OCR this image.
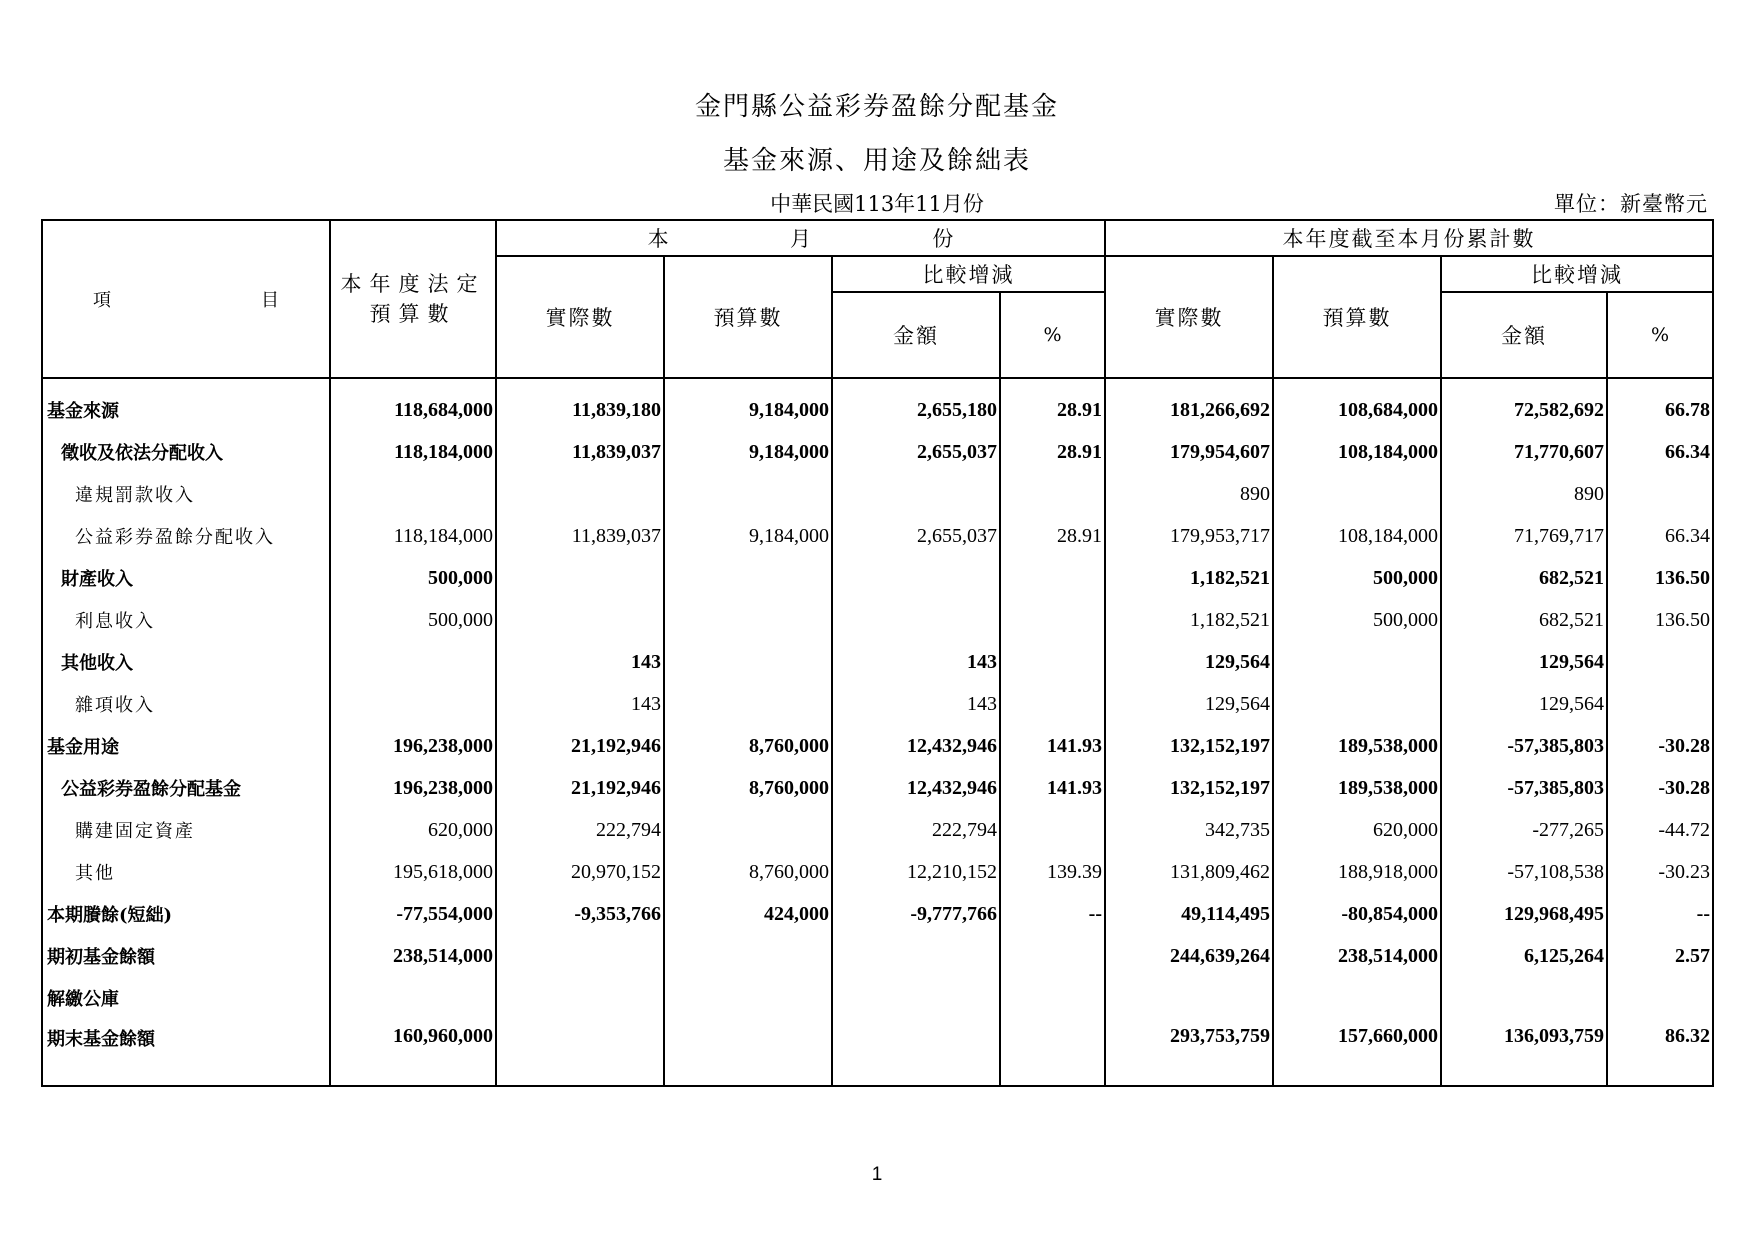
金門縣公益彩券盈餘分配基金
基金來源、用途及餘絀表
中華民國113年11月份	單位：新臺幣元
項 目	本年度法定預算數	本 月 份				本年度截至本月份累計數			
		實際數	預算數	比較增減		實際數	預算數	比較增減	
				金額	%			金額	%
基金來源	118,684,000	11,839,180	9,184,000	2,655,180	28.91	181,266,692	108,684,000	72,582,692	66.78
徵收及依法分配收入	118,184,000	11,839,037	9,184,000	2,655,037	28.91	179,954,607	108,184,000	71,770,607	66.34
違規罰款收入						890		890	
公益彩券盈餘分配收入	118,184,000	11,839,037	9,184,000	2,655,037	28.91	179,953,717	108,184,000	71,769,717	66.34
財產收入	500,000					1,182,521	500,000	682,521	136.50
利息收入	500,000					1,182,521	500,000	682,521	136.50
其他收入		143		143		129,564		129,564	
雜項收入		143		143		129,564		129,564	
基金用途	196,238,000	21,192,946	8,760,000	12,432,946	141.93	132,152,197	189,538,000	-57,385,803	-30.28
公益彩券盈餘分配基金	196,238,000	21,192,946	8,760,000	12,432,946	141.93	132,152,197	189,538,000	-57,385,803	-30.28
購建固定資產	620,000	222,794		222,794		342,735	620,000	-277,265	-44.72
其他	195,618,000	20,970,152	8,760,000	12,210,152	139.39	131,809,462	188,918,000	-57,108,538	-30.23
本期賸餘(短絀)	-77,554,000	-9,353,766	424,000	-9,777,766	--	49,114,495	-80,854,000	129,968,495	--
期初基金餘額	238,514,000					244,639,264	238,514,000	6,125,264	2.57
解繳公庫									
期末基金餘額	160,960,000					293,753,759	157,660,000	136,093,759	86.32
1
